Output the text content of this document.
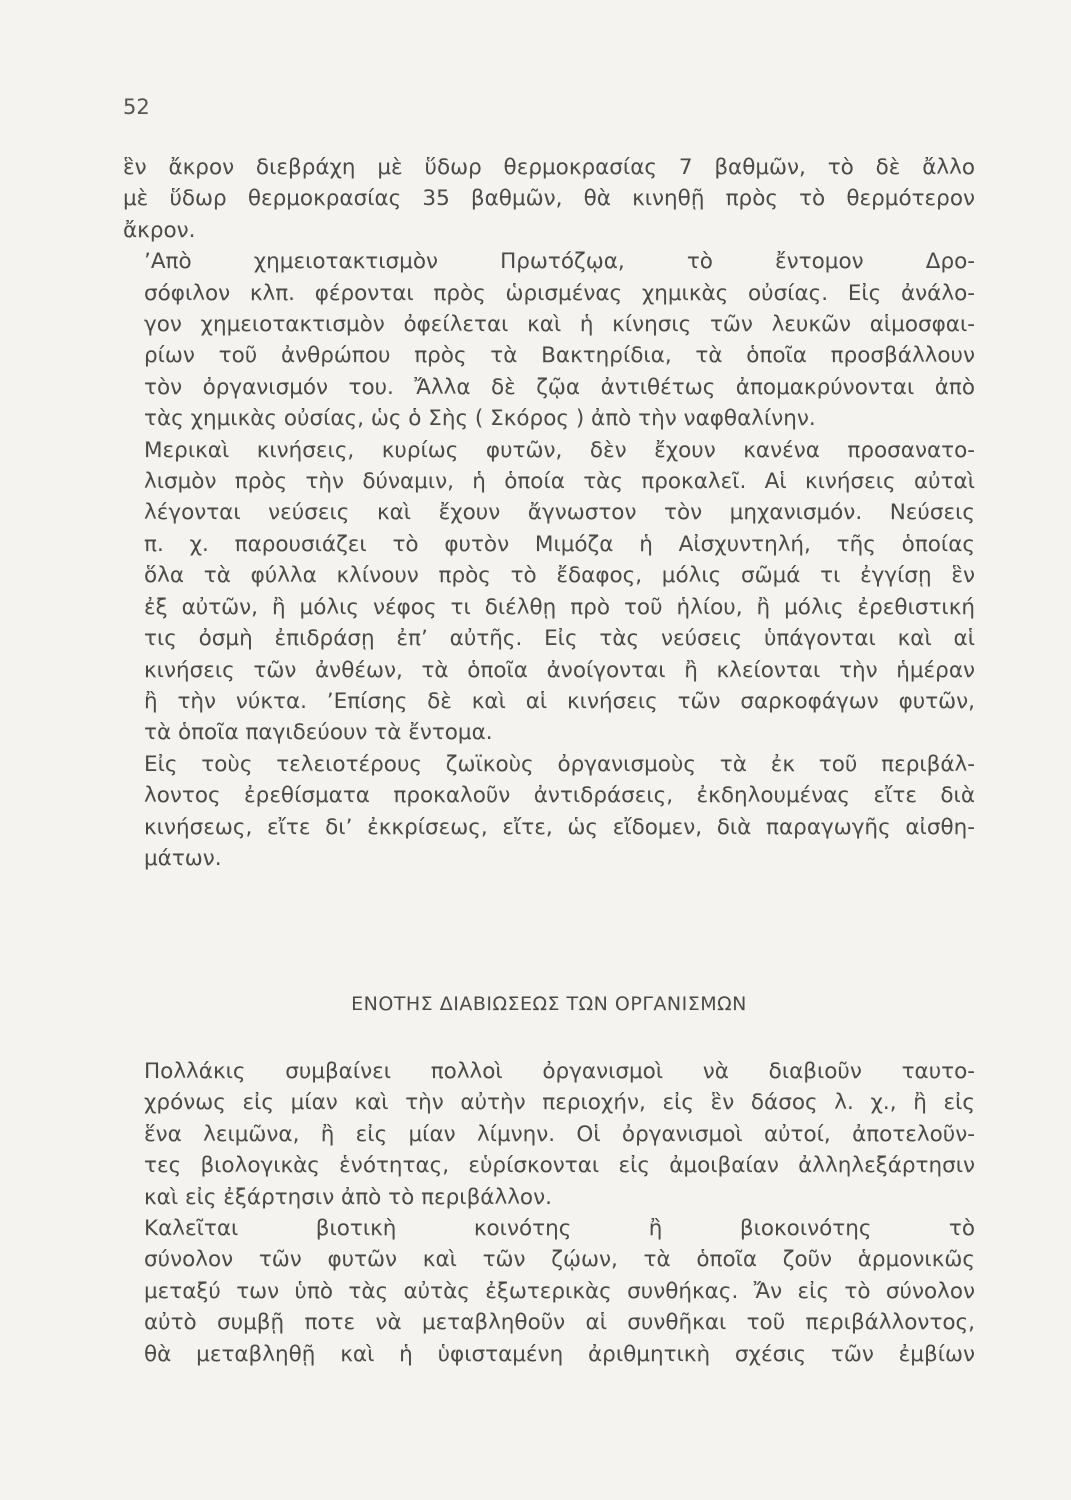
52

ἓν ἄκρον διεβράχη μὲ ὕδωρ θερμοκρασίας 7 βαθμῶν, τὸ δὲ ἄλλο
μὲ ὕδωρ θερμοκρασίας 35 βαθμῶν, θὰ κινηθῇ πρὸς τὸ θερμότερον
ἄκρον.

ʼΑπὸ χημειοτακτισμὸν Πρωτόζῳα, τὸ ἔντομον Δρο-
σόφιλον κλπ. φέρονται πρὸς ὡρισμένας χημικὰς οὐσίας. Εἰς ἀνάλο-
γον χημειοτακτισμὸν ὀφείλεται καὶ ἡ κίνησις τῶν λευκῶν αἱμοσφαι-
ρίων τοῦ ἀνθρώπου πρὸς τὰ Βακτηρίδια, τὰ ὁποῖα προσβάλλουν
τὸν ὀργανισμόν του. Ἄλλα δὲ ζῷα ἀντιθέτως ἀπομακρύνονται ἀπὸ
τὰς χημικὰς οὐσίας, ὡς ὁ Σὴς ( Σκόρος ) ἀπὸ τὴν ναφθαλίνην.

Μερικαὶ κινήσεις, κυρίως φυτῶν, δὲν ἔχουν κανένα προσανατο-
λισμὸν πρὸς τὴν δύναμιν, ἡ ὁποία τὰς προκαλεῖ. Αἱ κινήσεις αὐταὶ
λέγονται νεύσεις καὶ ἔχουν ἄγνωστον τὸν μηχανισμόν. Νεύσεις
π. χ. παρουσιάζει τὸ φυτὸν Μιμόζα ἡ Αἰσχυντηλή, τῆς ὁποίας
ὅλα τὰ φύλλα κλίνουν πρὸς τὸ ἔδαφος, μόλις σῶμά τι ἐγγίσῃ ἓν
ἐξ αὐτῶν, ἢ μόλις νέφος τι διέλθῃ πρὸ τοῦ ἡλίου, ἢ μόλις ἐρεθιστική
τις ὀσμὴ ἐπιδράσῃ ἐπʼ αὐτῆς. Εἰς τὰς νεύσεις ὑπάγονται καὶ αἱ
κινήσεις τῶν ἀνθέων, τὰ ὁποῖα ἀνοίγονται ἢ κλείονται τὴν ἡμέραν
ἢ τὴν νύκτα. ʼΕπίσης δὲ καὶ αἱ κινήσεις τῶν σαρκοφάγων φυτῶν,
τὰ ὁποῖα παγιδεύουν τὰ ἔντομα.

Εἰς τοὺς τελειοτέρους ζωϊκοὺς ὀργανισμοὺς τὰ ἐκ τοῦ περιβάλ-
λοντος ἐρεθίσματα προκαλοῦν ἀντιδράσεις, ἐκδηλουμένας εἴτε διὰ
κινήσεως, εἴτε διʼ ἐκκρίσεως, εἴτε, ὡς εἴδομεν, διὰ παραγωγῆς αἰσθη-
μάτων.

ΕΝΟΤΗΣ ΔΙΑΒΙΩΣΕΩΣ ΤΩΝ ΟΡΓΑΝΙΣΜΩΝ

Πολλάκις συμβαίνει πολλοὶ ὀργανισμοὶ νὰ διαβιοῦν ταυτο-
χρόνως εἰς μίαν καὶ τὴν αὐτὴν περιοχήν, εἰς ἓν δάσος λ. χ., ἢ εἰς
ἕνα λειμῶνα, ἢ εἰς μίαν λίμνην. Οἱ ὀργανισμοὶ αὐτοί, ἀποτελοῦν-
τες βιολογικὰς ἑνότητας, εὑρίσκονται εἰς ἀμοιβαίαν ἀλληλεξάρτησιν
καὶ εἰς ἐξάρτησιν ἀπὸ τὸ περιβάλλον.

Καλεῖται βιοτικὴ κοινότης ἢ βιοκοινότης τὸ
σύνολον τῶν φυτῶν καὶ τῶν ζῴων, τὰ ὁποῖα ζοῦν ἁρμονικῶς
μεταξύ των ὑπὸ τὰς αὐτὰς ἐξωτερικὰς συνθήκας. Ἄν εἰς τὸ σύνολον
αὐτὸ συμβῇ ποτε νὰ μεταβληθοῦν αἱ συνθῆκαι τοῦ περιβάλλοντος,
θὰ μεταβληθῇ καὶ ἡ ὑφισταμένη ἀριθμητικὴ σχέσις τῶν ἐμβίων
